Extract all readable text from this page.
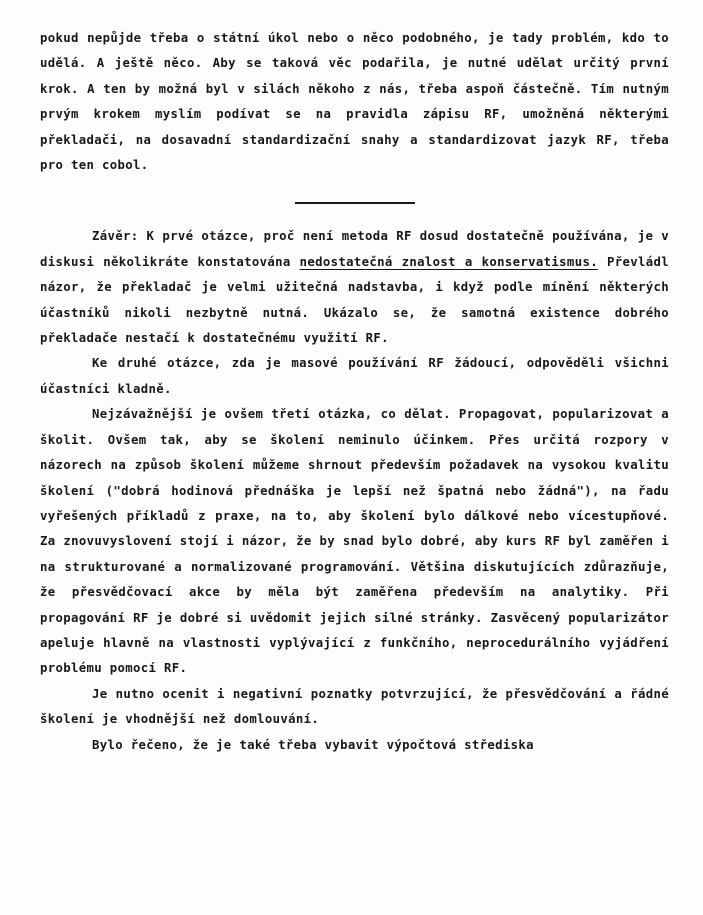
pokud nepůjde třeba o státní úkol nebo o něco podobného, je tady problém, kdo to udělá. A ještě něco. Aby se taková věc podařila, je nutné udělat určitý první krok. A ten by možná byl v silách někoho z nás, třeba aspoň částečně. Tím nutným prvým krokem myslím podívat se na pravidla zápisu RF, umožněná některými překladači, na dosavadní standardizační snahy a standardizovat jazyk RF, třeba pro ten cobol.

Závěr: K prvé otázce, proč není metoda RF dosud dostatečně používána, je v diskusi několikráte konstatována nedostatečná znalost a konservatismus. Převládl názor, že překladač je velmi užitečná nadstavba, i když podle mínění některých účastníků nikoli nezbytně nutná. Ukázalo se, že samotná existence dobrého překladače nestačí k dostatečnému využití RF.

Ke druhé otázce, zda je masové používání RF žádoucí, odpověděli všichni účastníci kladně.

Nejzávažnější je ovšem třetí otázka, co dělat. Propagovat, popularizovat a školit. Ovšem tak, aby se školení neminulo účinkem. Přes určitá rozpory v názorech na způsob školení můžeme shrnout především požadavek na vysokou kvalitu školení ("dobrá hodinová přednáška je lepší než špatná nebo žádná"), na řadu vyřešených příkladů z praxe, na to, aby školení bylo dálkové nebo vícestupňové. Za znovuvyslovení stojí i názor, že by snad bylo dobré, aby kurs RF byl zaměřen i na strukturované a normalizované programování. Většina diskutujících zdůrazňuje, že přesvědčovací akce by měla být zaměřena především na analytiky. Při propagování RF je dobré si uvědomit jejich silné stránky. Zasvěcený popularizátor apeluje hlavně na vlastnosti vyplývající z funkčního, neprocedurálního vyjádření problému pomocí RF.

Je nutno ocenit i negativní poznatky potvrzující, že přesvědčování a řádné školení je vhodnější než domlouvání.

Bylo řečeno, že je také třeba vybavit výpočtová střediska
